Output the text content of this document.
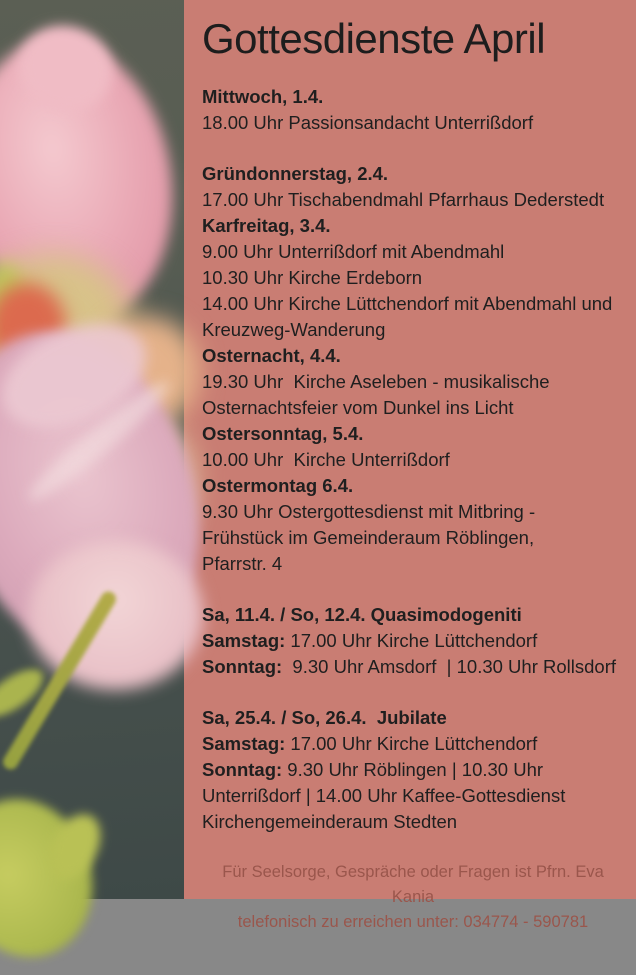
Gottesdienste April
Mittwoch, 1.4.
18.00 Uhr Passionsandacht Unterrißdorf
Gründonnerstag, 2.4.
17.00 Uhr Tischabendmahl Pfarrhaus Dederstedt
Karfreitag, 3.4.
9.00 Uhr Unterrißdorf mit Abendmahl
10.30 Uhr Kirche Erdeborn
14.00 Uhr Kirche Lüttchendorf mit Abendmahl und
Kreuzweg-Wanderung
Osternacht, 4.4.
19.30 Uhr  Kirche Aseleben - musikalische
Osternachtsfeier vom Dunkel ins Licht
Ostersonntag, 5.4.
10.00 Uhr  Kirche Unterrißdorf
Ostermontag 6.4.
9.30 Uhr Ostergottesdienst mit Mitbring -
Frühstück im Gemeinderaum Röblingen,
Pfarrstr. 4
Sa, 11.4. / So, 12.4. Quasimodogeniti
Samstag: 17.00 Uhr Kirche Lüttchendorf
Sonntag:  9.30 Uhr Amsdorf  | 10.30 Uhr Rollsdorf
Sa, 25.4. / So, 26.4.  Jubilate
Samstag: 17.00 Uhr Kirche Lüttchendorf
Sonntag: 9.30 Uhr Röblingen | 10.30 Uhr
Unterrißdorf | 14.00 Uhr Kaffee-Gottesdienst
Kirchengemeinderaum Stedten
Für Seelsorge, Gespräche oder Fragen ist Pfrn. Eva Kania
telefonisch zu erreichen unter: 034774 - 590781
